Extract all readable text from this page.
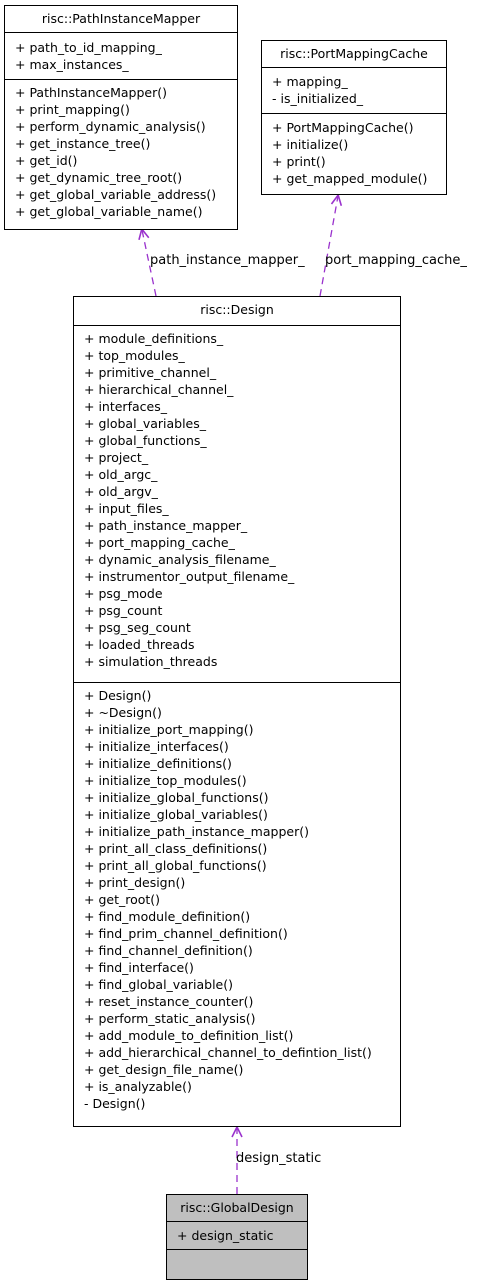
path_instance_mapper_ port_mapping_cache_
design_static
risc::PathInstanceMapper
+ path_to_id_mapping_
+ max_instances_
+ PathInstanceMapper()
+ print_mapping()
+ perform_dynamic_analysis()
+ get_instance_tree()
+ get_id()
+ get_dynamic_tree_root()
+ get_global_variable_address()
+ get_global_variable_name()
risc::PortMappingCache
+ mapping_
- is_initialized_
+ PortMappingCache()
+ initialize()
+ print()
+ get_mapped_module()
risc::Design
+ module_definitions_
+ top_modules_
+ primitive_channel_
+ hierarchical_channel_
+ interfaces_
+ global_variables_
+ global_functions_
+ project_
+ old_argc_
+ old_argv_
+ input_files_
+ path_instance_mapper_
+ port_mapping_cache_
+ dynamic_analysis_filename_
+ instrumentor_output_filename_
+ psg_mode
+ psg_count
+ psg_seg_count
+ loaded_threads
+ simulation_threads
+ Design()
+ ~Design()
+ initialize_port_mapping()
+ initialize_interfaces()
+ initialize_definitions()
+ initialize_top_modules()
+ initialize_global_functions()
+ initialize_global_variables()
+ initialize_path_instance_mapper()
+ print_all_class_definitions()
+ print_all_global_functions()
+ print_design()
+ get_root()
+ find_module_definition()
+ find_prim_channel_definition()
+ find_channel_definition()
+ find_interface()
+ find_global_variable()
+ reset_instance_counter()
+ perform_static_analysis()
+ add_module_to_definition_list()
+ add_hierarchical_channel_to_defintion_list()
+ get_design_file_name()
+ is_analyzable()
- Design()
risc::GlobalDesign
+ design_static
